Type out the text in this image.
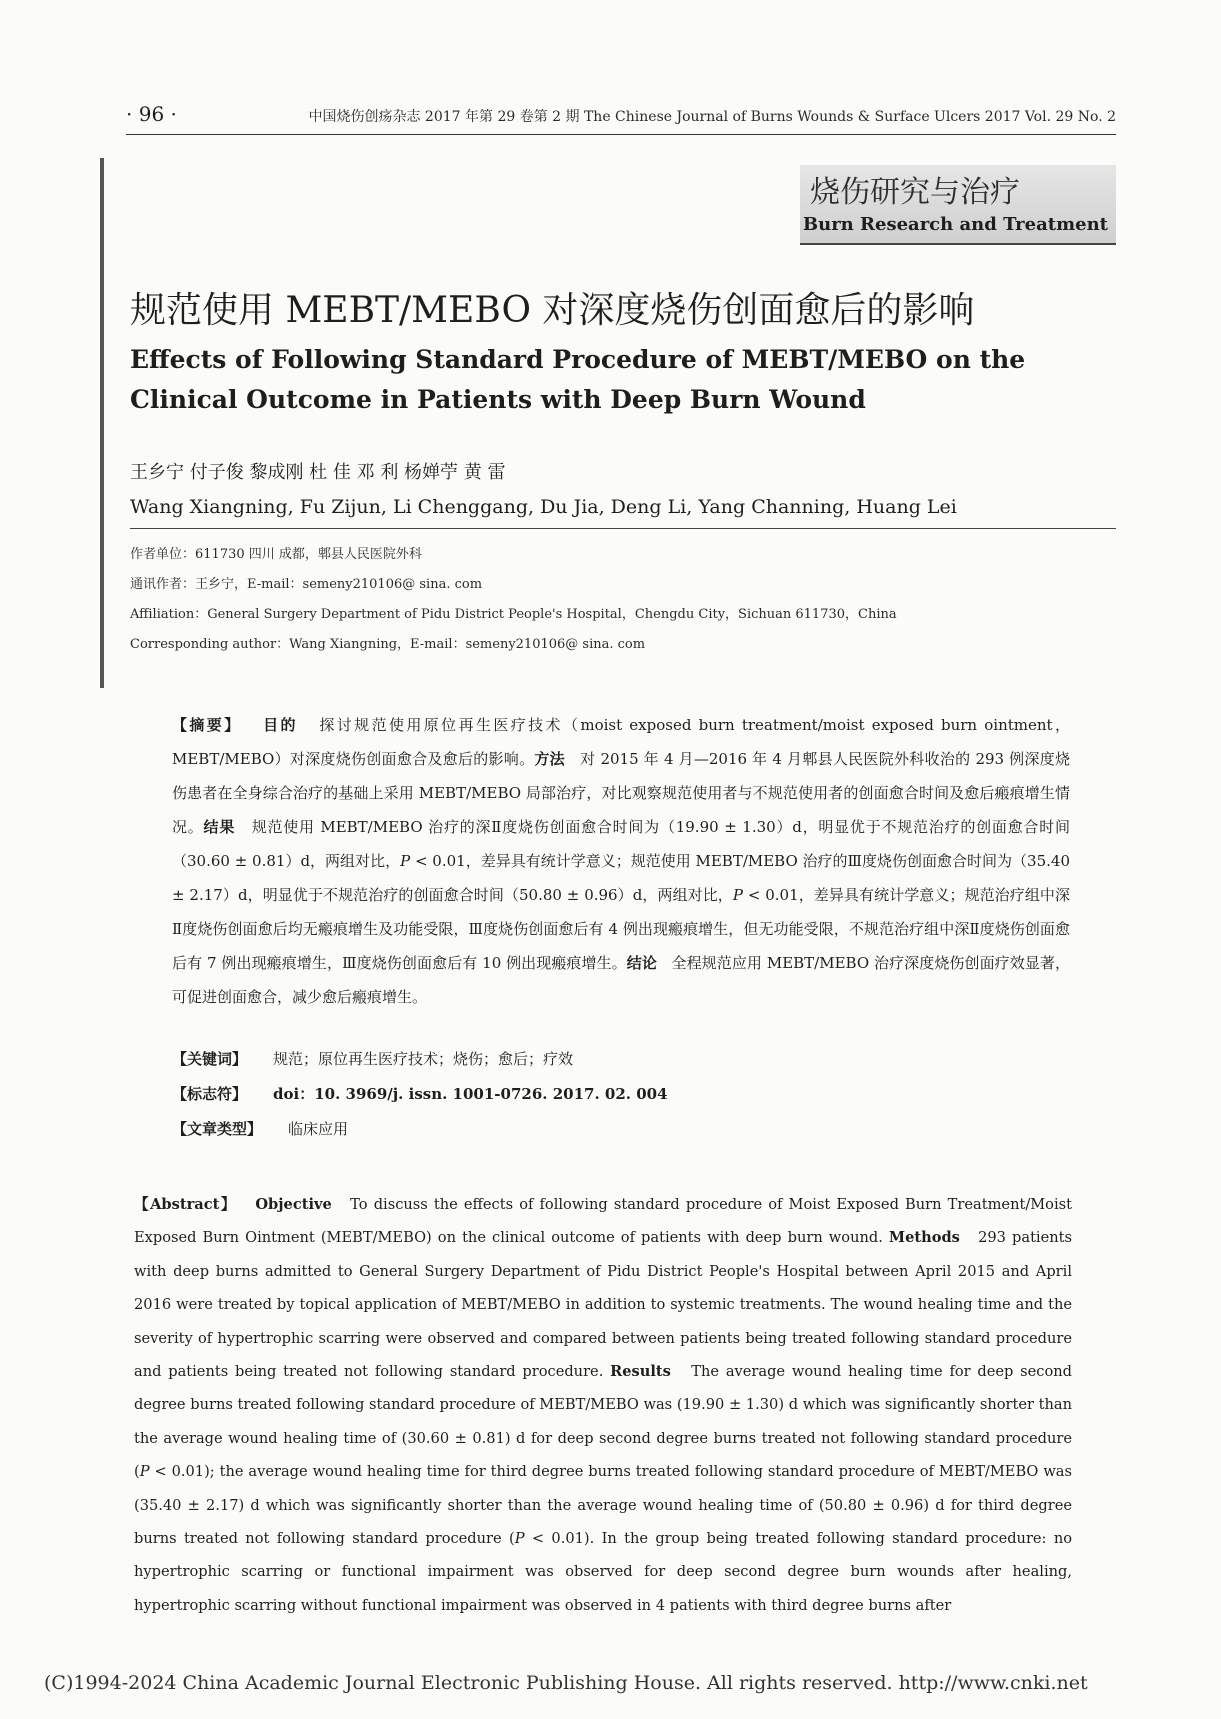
· 96 ·	中国烧伤创疡杂志 2017 年第 29 卷第 2 期 The Chinese Journal of Burns Wounds & Surface Ulcers 2017 Vol. 29 No. 2
烧伤研究与治疗
Burn Research and Treatment
规范使用 MEBT/MEBO 对深度烧伤创面愈后的影响
Effects of Following Standard Procedure of MEBT/MEBO on the Clinical Outcome in Patients with Deep Burn Wound
王乡宁 付子俊 黎成刚 杜 佳 邓 利 杨婵苧 黄 雷
Wang Xiangning, Fu Zijun, Li Chenggang, Du Jia, Deng Li, Yang Channing, Huang Lei
作者单位：611730 四川 成都，郫县人民医院外科
通讯作者：王乡宁，E-mail：semeny210106@ sina. com
Affiliation：General Surgery Department of Pidu District People's Hospital，Chengdu City，Sichuan 611730，China
Corresponding author：Wang Xiangning，E-mail：semeny210106@ sina. com
【摘要】 目的 探讨规范使用原位再生医疗技术（moist exposed burn treatment/moist exposed burn ointment，MEBT/MEBO）对深度烧伤创面愈合及愈后的影响。方法 对 2015 年 4 月—2016 年 4 月郫县人民医院外科收治的 293 例深度烧伤患者在全身综合治疗的基础上采用 MEBT/MEBO 局部治疗，对比观察规范使用者与不规范使用者的创面愈合时间及愈后瘢痕增生情况。结果 规范使用 MEBT/MEBO 治疗的深Ⅱ度烧伤创面愈合时间为（19.90 ± 1.30）d，明显优于不规范治疗的创面愈合时间（30.60 ± 0.81）d，两组对比，P < 0.01，差异具有统计学意义；规范使用 MEBT/MEBO 治疗的Ⅲ度烧伤创面愈合时间为（35.40 ± 2.17）d，明显优于不规范治疗的创面愈合时间（50.80 ± 0.96）d，两组对比，P < 0.01，差异具有统计学意义；规范治疗组中深Ⅱ度烧伤创面愈后均无瘢痕增生及功能受限，Ⅲ度烧伤创面愈后有 4 例出现瘢痕增生，但无功能受限，不规范治疗组中深Ⅱ度烧伤创面愈后有 7 例出现瘢痕增生，Ⅲ度烧伤创面愈后有 10 例出现瘢痕增生。结论 全程规范应用 MEBT/MEBO 治疗深度烧伤创面疗效显著，可促进创面愈合，减少愈后瘢痕增生。
【关键词】 规范；原位再生医疗技术；烧伤；愈后；疗效
【标志符】 doi：10. 3969/j. issn. 1001-0726. 2017. 02. 004
【文章类型】 临床应用
【Abstract】 Objective To discuss the effects of following standard procedure of Moist Exposed Burn Treatment/Moist Exposed Burn Ointment (MEBT/MEBO) on the clinical outcome of patients with deep burn wound. Methods 293 patients with deep burns admitted to General Surgery Department of Pidu District People's Hospital between April 2015 and April 2016 were treated by topical application of MEBT/MEBO in addition to systemic treatments. The wound healing time and the severity of hypertrophic scarring were observed and compared between patients being treated following standard procedure and patients being treated not following standard procedure. Results The average wound healing time for deep second degree burns treated following standard procedure of MEBT/MEBO was (19.90 ± 1.30) d which was significantly shorter than the average wound healing time of (30.60 ± 0.81) d for deep second degree burns treated not following standard procedure (P < 0.01); the average wound healing time for third degree burns treated following standard procedure of MEBT/MEBO was (35.40 ± 2.17) d which was significantly shorter than the average wound healing time of (50.80 ± 0.96) d for third degree burns treated not following standard procedure (P < 0.01). In the group being treated following standard procedure: no hypertrophic scarring or functional impairment was observed for deep second degree burn wounds after healing, hypertrophic scarring without functional impairment was observed in 4 patients with third degree burns after
(C)1994-2024 China Academic Journal Electronic Publishing House. All rights reserved. http://www.cnki.net
